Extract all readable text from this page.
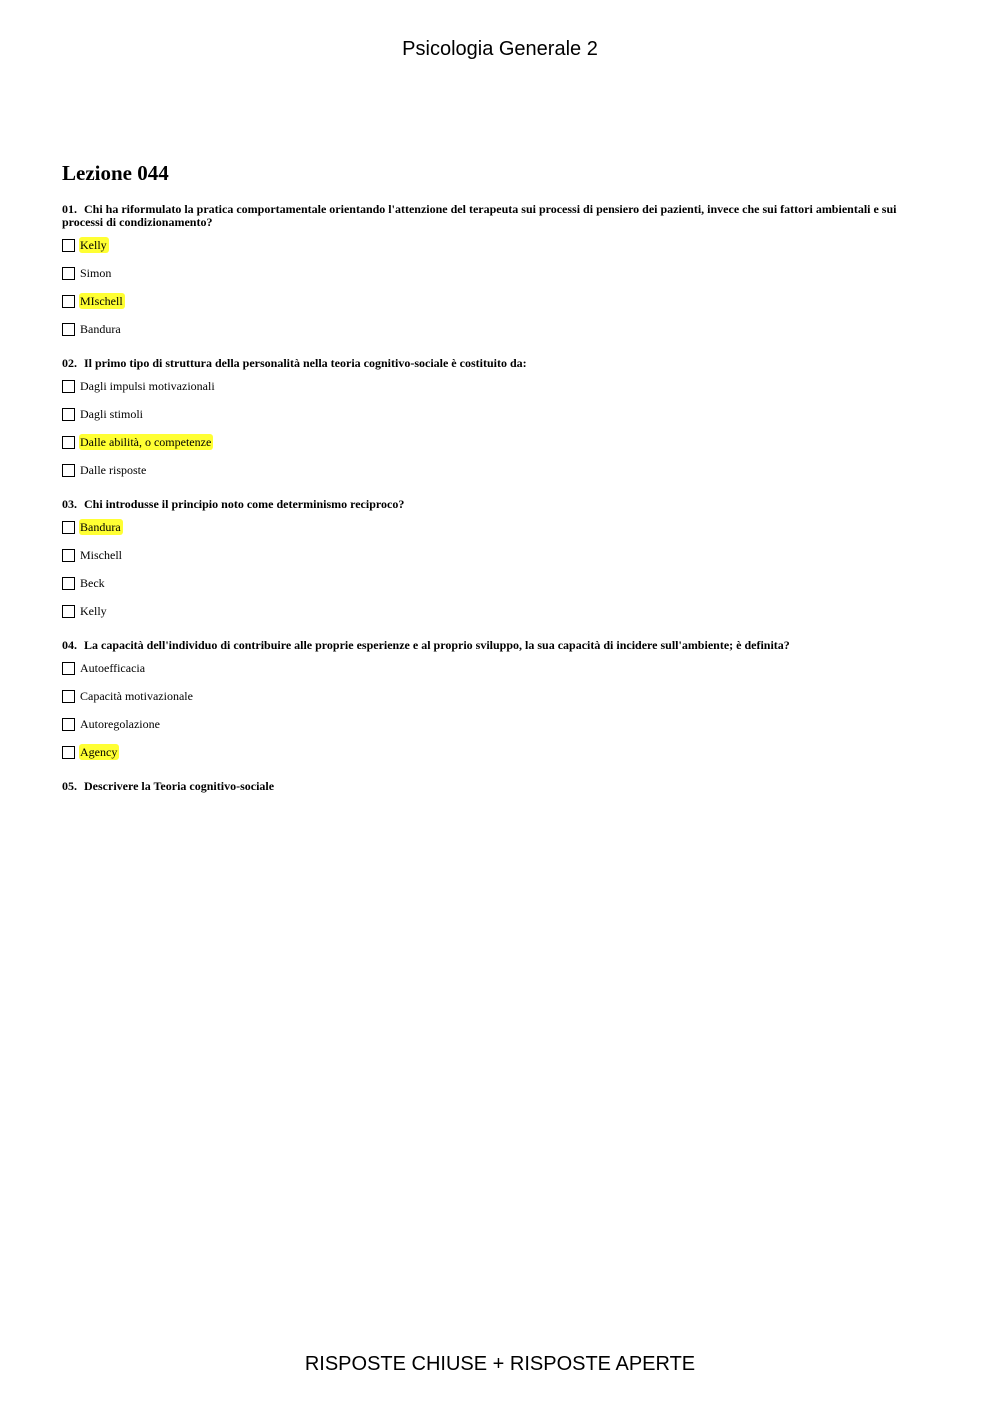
Psicologia Generale 2
Lezione 044
01. Chi ha riformulato la pratica comportamentale orientando l'attenzione del terapeuta sui processi di pensiero dei pazienti, invece che sui fattori ambientali e sui processi di condizionamento?
Kelly
Simon
MIschell
Bandura
02. Il primo tipo di struttura della personalità nella teoria cognitivo-sociale è costituito da:
Dagli impulsi motivazionali
Dagli stimoli
Dalle abilità, o competenze
Dalle risposte
03. Chi introdusse il principio noto come determinismo reciproco?
Bandura
Mischell
Beck
Kelly
04. La capacità dell'individuo di contribuire alle proprie esperienze e al proprio sviluppo, la sua capacità di incidere sull'ambiente; è definita?
Autoefficacia
Capacità motivazionale
Autoregolazione
Agency
05. Descrivere la Teoria cognitivo-sociale
RISPOSTE CHIUSE + RISPOSTE APERTE
